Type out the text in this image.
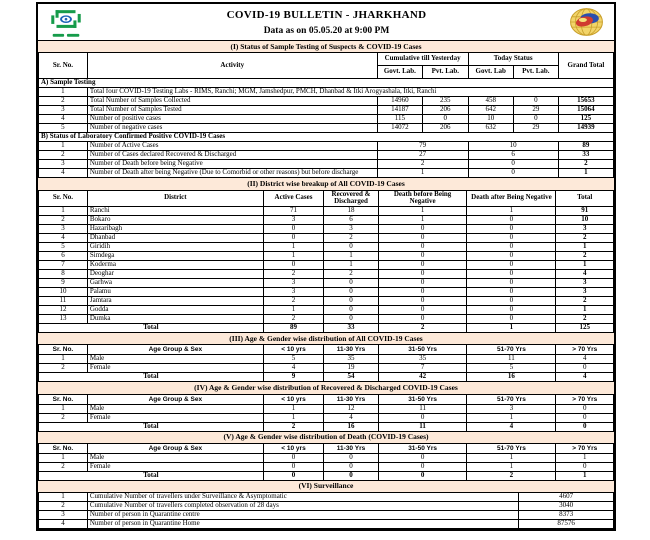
COVID-19 BULLETIN - JHARKHAND
Data as on 05.05.20 at 9:00 PM
(I) Status of Sample Testing of Suspects & COVID-19 Cases
Sr. No.	Activity	Cumulative till Yesterday		Today Status		Grand Total
		Govt. Lab.	Pvt. Lab.	Govt. Lab	Pvt. Lab.	
A) Sample Testing						
1	Total four COVID-19 Testing Labs - RIMS, Ranchi; MGM, Jamshedpur, PMCH, Dhanbad & Itki Arogyashala, Itki, Ranchi					
2	Total Number of Samples Collected	14960	235	458	0	15653
3	Total Number of Samples Tested	14187	206	642	29	15064
4	Number of positive cases	115	0	10	0	125
5	Number of negative cases	14072	206	632	29	14939
B) Status of Laboratory Confirmed Positive COVID-19 Cases						
1	Number of Active Cases	79		10		89
2	Number of Cases declared Recovered & Discharged	27		6		33
3	Number of Death before being Negative	2		0		2
4	Number of Death after being Negative (Due to Comorbid or other reasons) but before discharge	1		0		1
(II) District wise breakup of All COVID-19 Cases
Sr. No.	District	Active Cases	Recovered & Discharged	Death before Being Negative	Death after Being Negative	Total
1	Ranchi	71	18	1	1	91
2	Bokaro	3	6	1	0	10
3	Hazaribagh	0	3	0	0	3
4	Dhanbad	0	2	0	0	2
5	Giridih	1	0	0	0	1
6	Simdega	1	1	0	0	2
7	Koderma	0	1	0	0	1
8	Deoghar	2	2	0	0	4
9	Garhwa	3	0	0	0	3
10	Palamu	3	0	0	0	3
11	Jamtara	2	0	0	0	2
12	Godda	1	0	0	0	1
13	Dumka	2	0	0	0	2
Total		89	33	2	1	125
(III) Age & Gender wise distribution of All COVID-19 Cases
Sr. No.	Age Group & Sex	< 10 yrs	11-30 Yrs	31-50 Yrs	51-70 Yrs	> 70 Yrs
1	Male	5	35	35	11	4
2	Female	4	19	7	5	0
Total		9	54	42	16	4
(IV) Age & Gender wise distribution of Recovered & Discharged COVID-19 Cases
Sr. No.	Age Group & Sex	< 10 yrs	11-30 Yrs	31-50 Yrs	51-70 Yrs	> 70 Yrs
1	Male	1	12	11	3	0
2	Female	1	4	0	1	0
Total		2	16	11	4	0
(V) Age & Gender wise distribution of Death (COVID-19 Cases)
Sr. No.	Age Group & Sex	< 10 yrs	11-30 Yrs	31-50 Yrs	51-70 Yrs	> 70 Yrs
1	Male	0	0	0	1	1
2	Female	0	0	0	1	0
Total		0	0	0	2	1
(VI) Surveillance
1	Cumulative Number of travellers under Surveillance & Asymptomatic	4607
2	Cumulative Number of travellers completed observation of 28 days	3040
3	Number of person in Quarantine centre	8373
4	Number of person in Quarantine Home	87576
